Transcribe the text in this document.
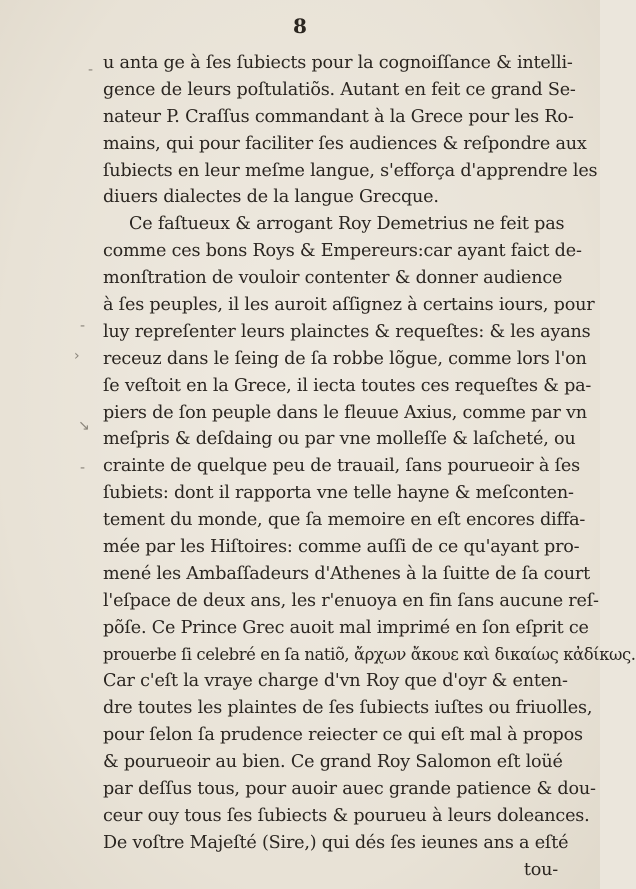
8
-
-
›
↘
-
u anta ge à ſes ſubiects pour la cognoiſſance & intelli-
gence de leurs poſtulatiõs. Autant en feit ce grand Se-
nateur P. Craſſus commandant à la Grece pour les Ro-
mains, qui pour faciliter ſes audiences & reſpondre aux
ſubiects en leur meſme langue, s'efforça d'apprendre les
diuers dialectes de la langue Grecque.
Ce faſtueux & arrogant Roy Demetrius ne feit pas
comme ces bons Roys & Empereurs:car ayant faict de-
monſtration de vouloir contenter & donner audience
à ſes peuples, il les auroit aſſignez à certains iours, pour
luy repreſenter leurs plainctes & requeſtes: & les ayans
receuz dans le ſeing de ſa robbe lõgue, comme lors l'on
ſe veſtoit en la Grece, il iecta toutes ces requeſtes & pa-
piers de ſon peuple dans le fleuue Axius, comme par vn
meſpris & deſdaing ou par vne molleſſe & laſcheté, ou
crainte de quelque peu de trauail, ſans pourueoir à ſes
ſubiets: dont il rapporta vne telle hayne & meſconten-
tement du monde, que ſa memoire en eſt encores diffa-
mée par les Hiſtoires: comme auſſi de ce qu'ayant pro-
mené les Ambaſſadeurs d'Athenes à la ſuitte de ſa court
l'eſpace de deux ans, les r'enuoya en fin ſans aucune reſ-
põſe. Ce Prince Grec auoit mal imprimé en ſon eſprit ce
prouerbe ſi celebré en ſa natiõ, ἄρχων ἄκουε καὶ δικαίως κἀδίκως.
Car c'eſt la vraye charge d'vn Roy que d'oyr & enten-
dre toutes les plaintes de ſes ſubiects iuſtes ou friuolles,
pour ſelon ſa prudence reiecter ce qui eſt mal à propos
& pourueoir au bien. Ce grand Roy Salomon eſt loüé
par deſſus tous, pour auoir auec grande patience & dou-
ceur ouy tous ſes ſubiects & pourueu à leurs doleances.
De voſtre Majeſté (Sire,) qui dés ſes ieunes ans a eſté
tou-
